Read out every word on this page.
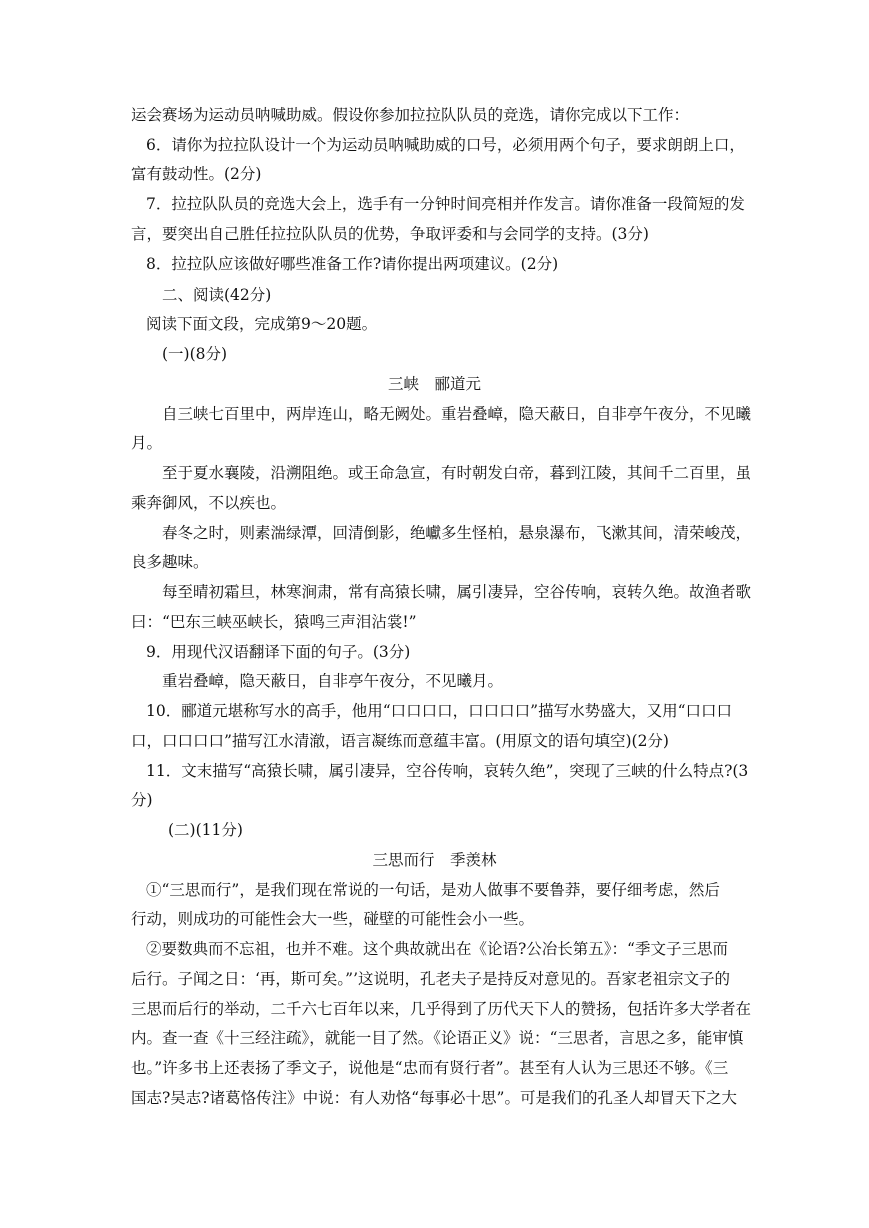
运会赛场为运动员呐喊助威。假设你参加拉拉队队员的竞选，请你完成以下工作：
6．请你为拉拉队设计一个为运动员呐喊助威的口号，必须用两个句子，要求朗朗上口，
富有鼓动性。(2分)
7．拉拉队队员的竞选大会上，选手有一分钟时间亮相并作发言。请你准备一段简短的发
言，要突出自己胜任拉拉队队员的优势，争取评委和与会同学的支持。(3分)
8．拉拉队应该做好哪些准备工作?请你提出两项建议。(2分)
二、阅读(42分)
阅读下面文段，完成第9～20题。
(一)(8分)
三峡　郦道元
自三峡七百里中，两岸连山，略无阙处。重岩叠嶂，隐天蔽日，自非亭午夜分，不见曦
月。
至于夏水襄陵，沿溯阻绝。或王命急宣，有时朝发白帝，暮到江陵，其间千二百里，虽
乘奔御风，不以疾也。
春冬之时，则素湍绿潭，回清倒影，绝巘多生怪柏，悬泉瀑布，飞漱其间，清荣峻茂，
良多趣味。
每至晴初霜旦，林寒涧肃，常有高猿长啸，属引凄异，空谷传响，哀转久绝。故渔者歌
曰：“巴东三峡巫峡长，猿鸣三声泪沾裳!”
9．用现代汉语翻译下面的句子。(3分)
重岩叠嶂，隐天蔽日，自非亭午夜分，不见曦月。
10．郦道元堪称写水的高手，他用“口口口口，口口口口”描写水势盛大，又用“口口口
口，口口口口”描写江水清澈，语言凝练而意蕴丰富。(用原文的语句填空)(2分)
11．文末描写“高猿长啸，属引凄异，空谷传响，哀转久绝”，突现了三峡的什么特点?(3
分)
(二)(11分)
三思而行　季羡林
①“三思而行”，是我们现在常说的一句话，是劝人做事不要鲁莽，要仔细考虑，然后
行动，则成功的可能性会大一些，碰壁的可能性会小一些。
②要数典而不忘祖，也并不难。这个典故就出在《论语?公冶长第五》：“季文子三思而
后行。子闻之日：‘再，斯可矣。”’这说明，孔老夫子是持反对意见的。吾家老祖宗文子的
三思而后行的举动，二千六七百年以来，几乎得到了历代天下人的赞扬，包括许多大学者在
内。查一查《十三经注疏》，就能一目了然。《论语正义》说：“三思者，言思之多，能审慎
也。”许多书上还表扬了季文子，说他是“忠而有贤行者”。甚至有人认为三思还不够。《三
国志?吴志?诸葛恪传注》中说：有人劝恪“每事必十思”。可是我们的孔圣人却冒天下之大
